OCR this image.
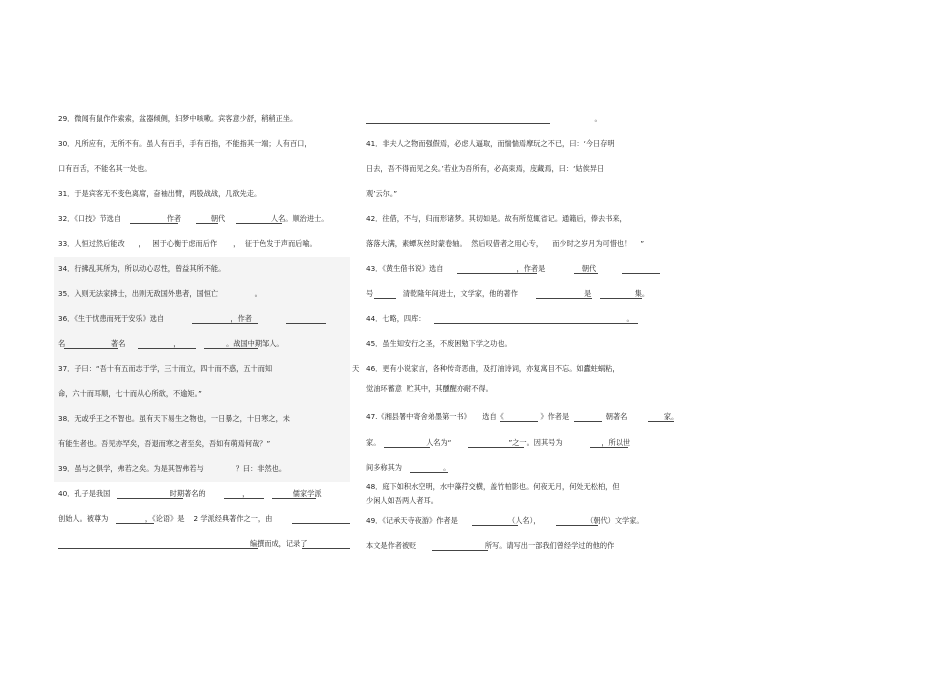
29．微闻有鼠作作索索，盆器倾侧，妇梦中咳嗽。宾客意少舒，稍稍正坐。
30．凡所应有，无所不有。虽人有百手，手有百指，不能指其一端；人有百口，
口有百舌，不能名其一处也。
31．于是宾客无不变色离席，奋袖出臂，两股战战，几欲先走。
32．《口技》节选自                    作者             朝代                    人名。顺治进士。
33．人恒过然后能改      ，   困于心衡于虑而后作       ，  征于色发于声而后喻。
34．行拂乱其所为，所以动心忍性，曾益其所不能。
35．入则无法家拂士，出则无敌国外患者，国恒亡                。
36．《生于忧患而死于安乐》选自                             ，作者
名                    著名                     ，                    。战国中期邹人。
37．子曰：“吾十有五而志于学，三十而立，四十而不惑，五十而知                                   天
命，六十而耳顺，七十而从心所欲，不逾矩。”
38．无或乎王之不智也。虽有天下易生之物也，一日暴之，十日寒之，未
有能生者也。吾见亦罕矣，吾退而寒之者至矣，吾如有萌焉何哉？”
39．虽与之俱学，弗若之矣。为是其智弗若与              ？曰：非然也。
40．孔子是我国                          时期著名的                ，                   儒家学派
创始人。被尊为                ，《论语》是    2 学派经典著作之一，由
编撰而成，记录了
。
41．非夫人之物而强假焉，必虑人逼取，而惴惴焉摩玩之不已，曰：‘今日存明
日去，吾不得而见之矣。’若业为吾所有，必高束焉，庋藏焉，曰：‘姑俟异日
观’云尔。”
42．往借，不与，归而形诸梦。其切如是。故有所览辄省记。通籍后，俸去书来，
落落大满，素蟫灰丝时蒙卷轴。  然后叹借者之用心专，    而少时之岁月为可惜也！    ”
43．《黄生借书说》选自                                ，作者是                朝代
号             清乾隆年间进士，文学家，他的著作                             是                   集。
44．七略，四库：                                                                                        。
45．虽生知安行之圣，不废困勉下学之功也。
46．更有小说家言，各种传奇恶曲，及打油诗词，亦复寓目不忘。如蠹蛀蜗粘，
觉油环蓄意  贮其中，其醺醒亦耐不得。
47.《湘县署中寄舍弟墨第一书》     选自《                》作者是                朝著名                家。
家。                    人名为“                         ”之一。因其号为                 ，所以世
间多称其为                  。
48．庭下如积水空明，水中藻荇交横，盖竹柏影也。何夜无月，何处无松柏，但
少闲人如吾两人者耳。
49．《记承天寺夜游》作者是                      （人名），                    （朝代）文学家。
本文是作者被贬                              所写。请写出一部我们曾经学过的他的作
